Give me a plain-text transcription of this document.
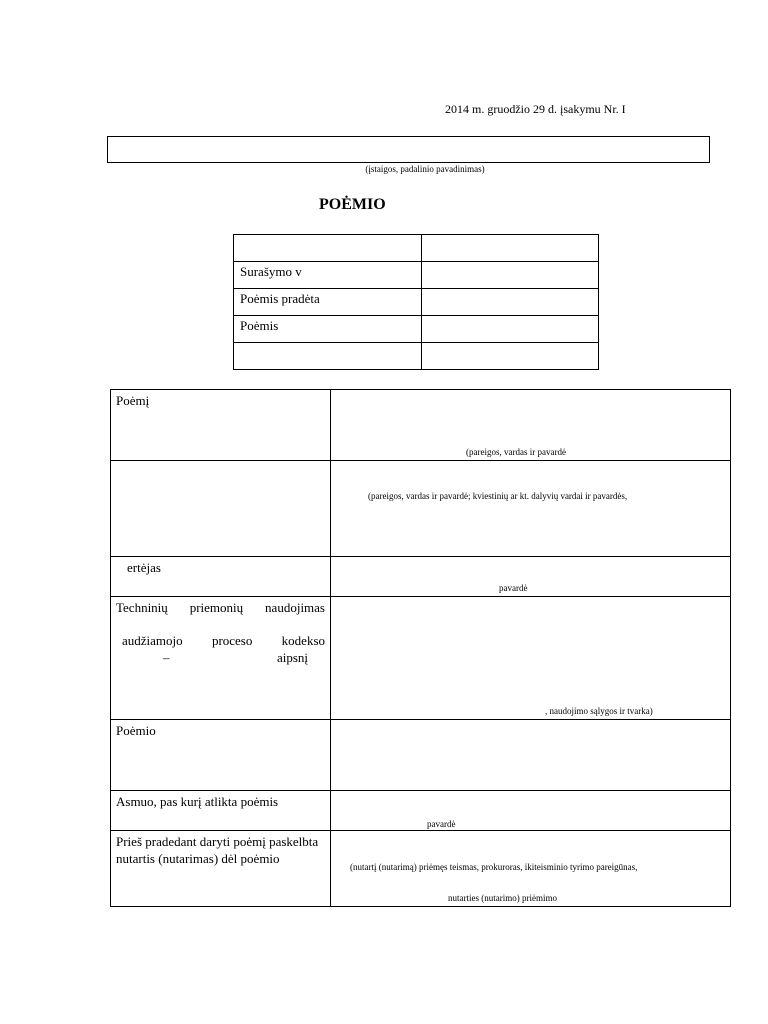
2014 m. gruodžio 29 d. įsakymu Nr. I
(įstaigos, padalinio pavadinimas)
POĖMIO

Surašymo v	
Poėmis pradėta	
Poėmis	

Poėmį	(pareigos, vardas ir pavardė

	(pareigos, vardas ir pavardė; kviestinių ar kt. dalyvių vardai ir pavardės,

ertėjas	pavardė

Techninių priemonių naudojimas
audžiamojo proceso kodekso
– aipsnį	, naudojimo sąlygos ir tvarka)

Poėmio	
Asmuo, pas kurį atlikta poėmis	pavardė

Prieš pradedant daryti poėmį paskelbta nutartis (nutarimas) dėl poėmio	(nutartį (nutarimą) priėmęs teismas, prokuroras, ikiteisminio tyrimo pareigūnas,
nutarties (nutarimo) priėmimo
